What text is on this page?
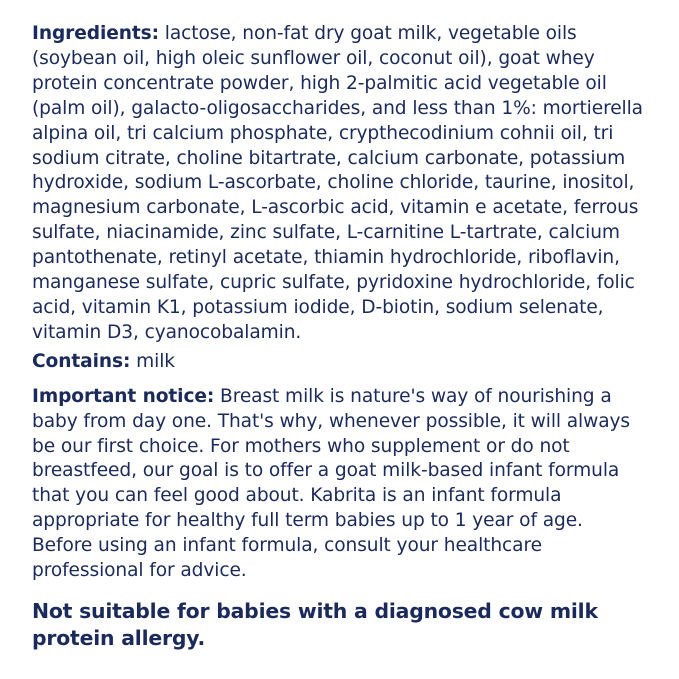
Ingredients: lactose, non-fat dry goat milk, vegetable oils (soybean oil, high oleic sunflower oil, coconut oil), goat whey protein concentrate powder, high 2-palmitic acid vegetable oil (palm oil), galacto-oligosaccharides, and less than 1%: mortierella alpina oil, tri calcium phosphate, crypthecodinium cohnii oil, tri sodium citrate, choline bitartrate, calcium carbonate, potassium hydroxide, sodium L-ascorbate, choline chloride, taurine, inositol, magnesium carbonate, L-ascorbic acid, vitamin e acetate, ferrous sulfate, niacinamide, zinc sulfate, L-carnitine L-tartrate, calcium pantothenate, retinyl acetate, thiamin hydrochloride, riboflavin, manganese sulfate, cupric sulfate, pyridoxine hydrochloride, folic acid, vitamin K1, potassium iodide, D-biotin, sodium selenate, vitamin D3, cyanocobalamin.

Contains: milk

Important notice: Breast milk is nature's way of nourishing a baby from day one. That's why, whenever possible, it will always be our first choice. For mothers who supplement or do not breastfeed, our goal is to offer a goat milk-based infant formula that you can feel good about. Kabrita is an infant formula appropriate for healthy full term babies up to 1 year of age. Before using an infant formula, consult your healthcare professional for advice.

Not suitable for babies with a diagnosed cow milk protein allergy.
